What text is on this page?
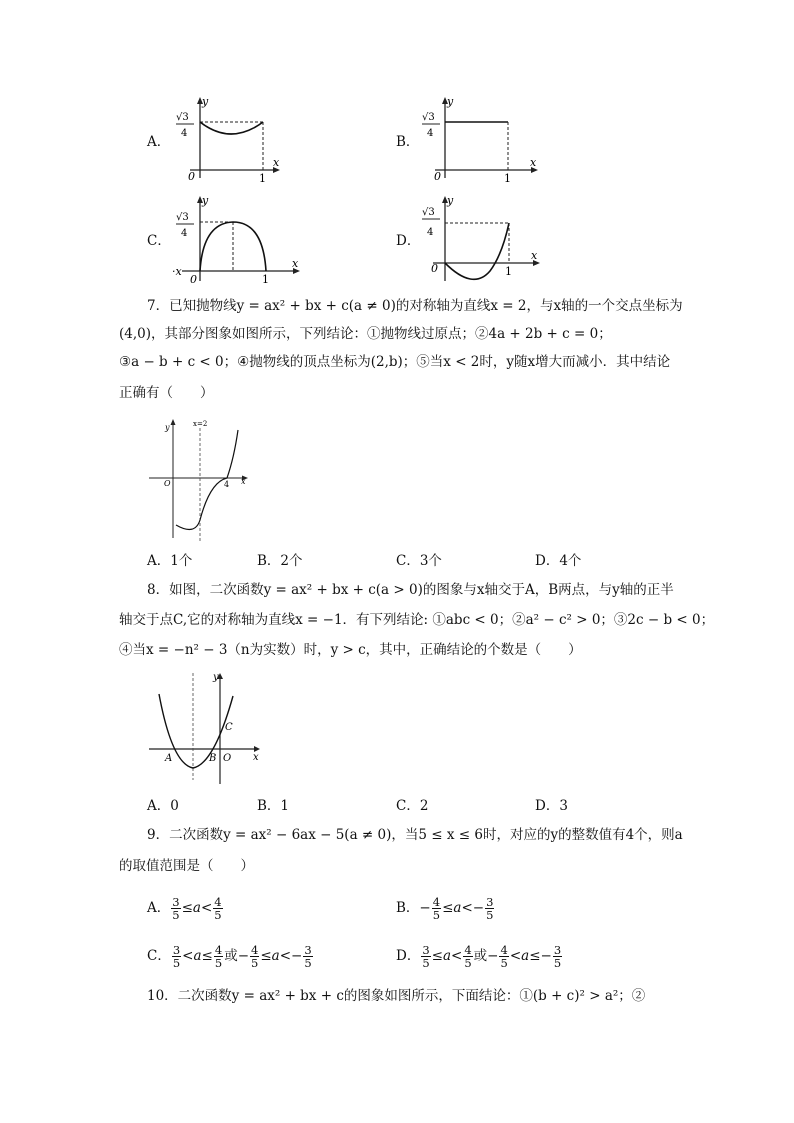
A．
y
x
0	1
√3
4
B．
y
x
0	1
√3
4
C．
y
x
·x
0	1
√3
4	D．
y
x
0	1
√3
4
7．已知抛物线y = ax² + bx + c(a ≠ 0)的对称轴为直线x = 2，与x轴的一个交点坐标为
(4,0)，其部分图象如图所示，下列结论：①抛物线过原点；②4a + 2b + c = 0；
③a − b + c < 0；④抛物线的顶点坐标为(2,b)；⑤当x < 2时，y随x增大而减小．其中结论
正确有（　　）
y
x
O	4
x=2
A．1个	B．2个	C．3个	D．4个
8．如图，二次函数y = ax² + bx + c(a > 0)的图象与x轴交于A，B两点，与y轴的正半
轴交于点C,它的对称轴为直线x = −1．有下列结论: ①abc < 0；②a² − c² > 0；③2c − b < 0；
④当x = −n² − 3（n为实数）时，y > c，其中，正确结论的个数是（　　）
y
x
A	B
C
O
A．0	B．1	C．2	D．3
9．二次函数y = ax² − 6ax − 5(a ≠ 0)，当5 ≤ x ≤ 6时，对应的y的整数值有4个，则a
的取值范围是（　　）
A． $\frac{3}{5} \le a< \frac{4}{5}$	B．− $\frac{4}{5} \le a<- \frac{3}{5}$
C． $\frac{3}{5} <a\le \frac{4}{5}$ 或− $\frac{4}{5} \le a<- \frac{3}{5}$	D． $\frac{3}{5} \le a< \frac{4}{5}$ 或− $\frac{4}{5} <a\le- \frac{3}{5}$
10．二次函数y = ax² + bx + c的图象如图所示，下面结论：①(b + c)² > a²；②
